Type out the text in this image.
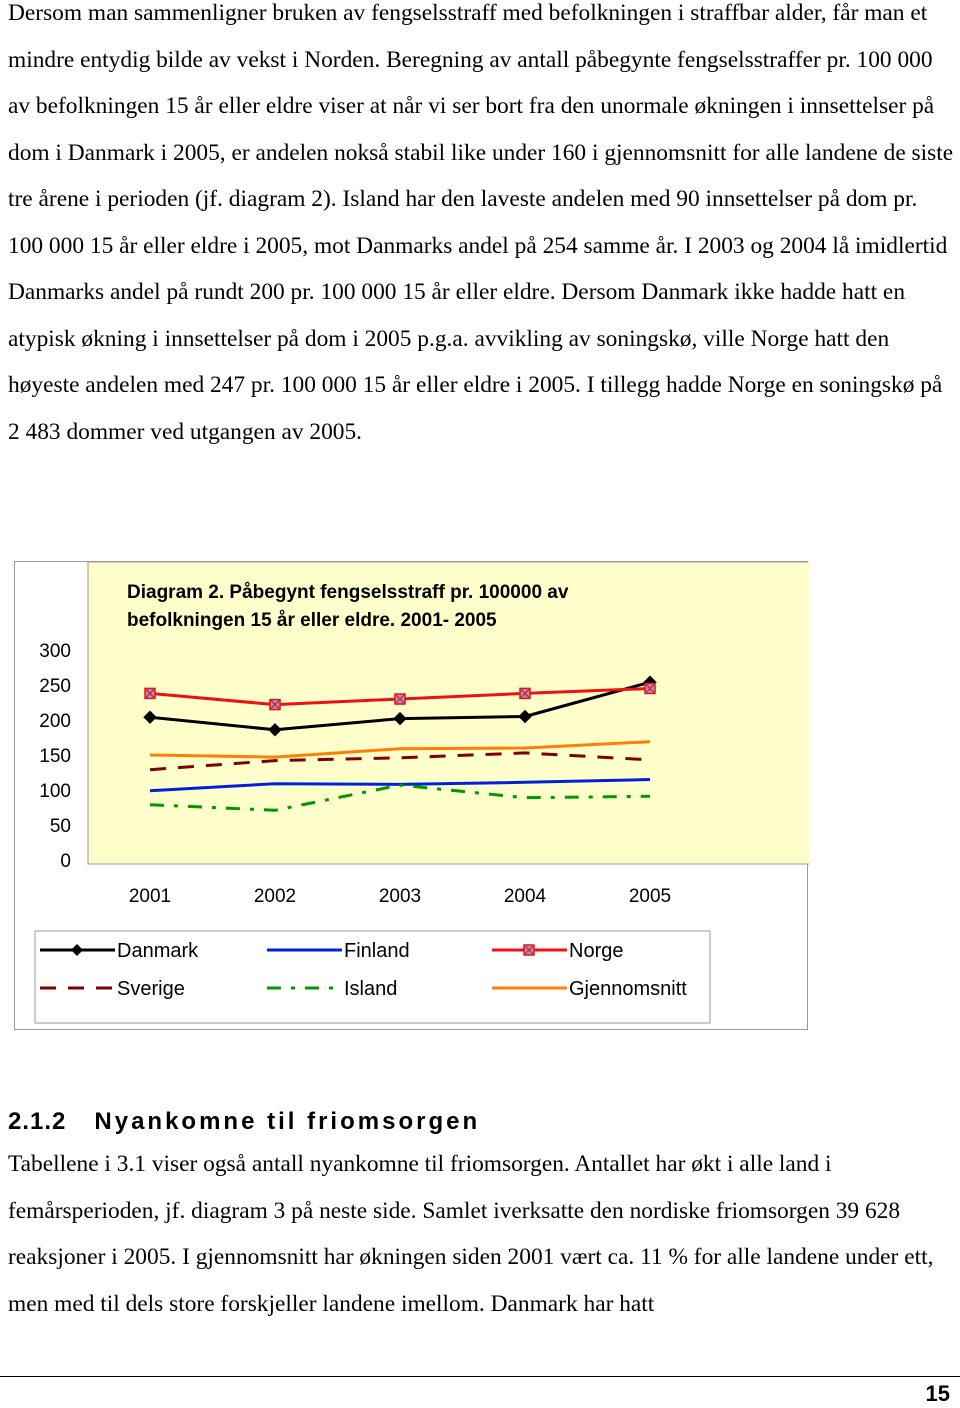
Dersom man sammenligner bruken av fengselsstraff med befolkningen i straffbar alder, får man et mindre entydig bilde av vekst i Norden. Beregning av antall påbegynte fengselsstraffer pr. 100 000 av befolkningen 15 år eller eldre viser at når vi ser bort fra den unormale økningen i innsettelser på dom i Danmark i 2005, er andelen nokså stabil like under 160 i gjennomsnitt for alle landene de siste tre årene i perioden (jf. diagram 2). Island har den laveste andelen med 90 innsettelser på dom pr. 100 000 15 år eller eldre i 2005, mot Danmarks andel på 254 samme år. I 2003 og 2004 lå imidlertid Danmarks andel på rundt 200 pr. 100 000 15 år eller eldre. Dersom Danmark ikke hadde hatt en atypisk økning i innsettelser på dom i 2005 p.g.a. avvikling av soningskø, ville Norge hatt den høyeste andelen med 247 pr. 100 000 15 år eller eldre i 2005. I tillegg hadde Norge en soningskø på 2 483 dommer ved utgangen av 2005.

0
50
100
150
200
250
300
2001	2002	2003	2004	2005
Diagram 2. Påbegynt fengselsstraff pr. 100000 av
befolkningen 15 år eller eldre. 2001- 2005
Danmark	Finland	Norge
Sverige	Island	Gjennomsnitt
2.1.2 Nyankomne til friomsorgen

Tabellene i 3.1 viser også antall nyankomne til friomsorgen. Antallet har økt i alle land i femårsperioden, jf. diagram 3 på neste side. Samlet iverksatte den nordiske friomsorgen 39 628 reaksjoner i 2005. I gjennomsnitt har økningen siden 2001 vært ca. 11 % for alle landene under ett, men med til dels store forskjeller landene imellom. Danmark har hatt

15
